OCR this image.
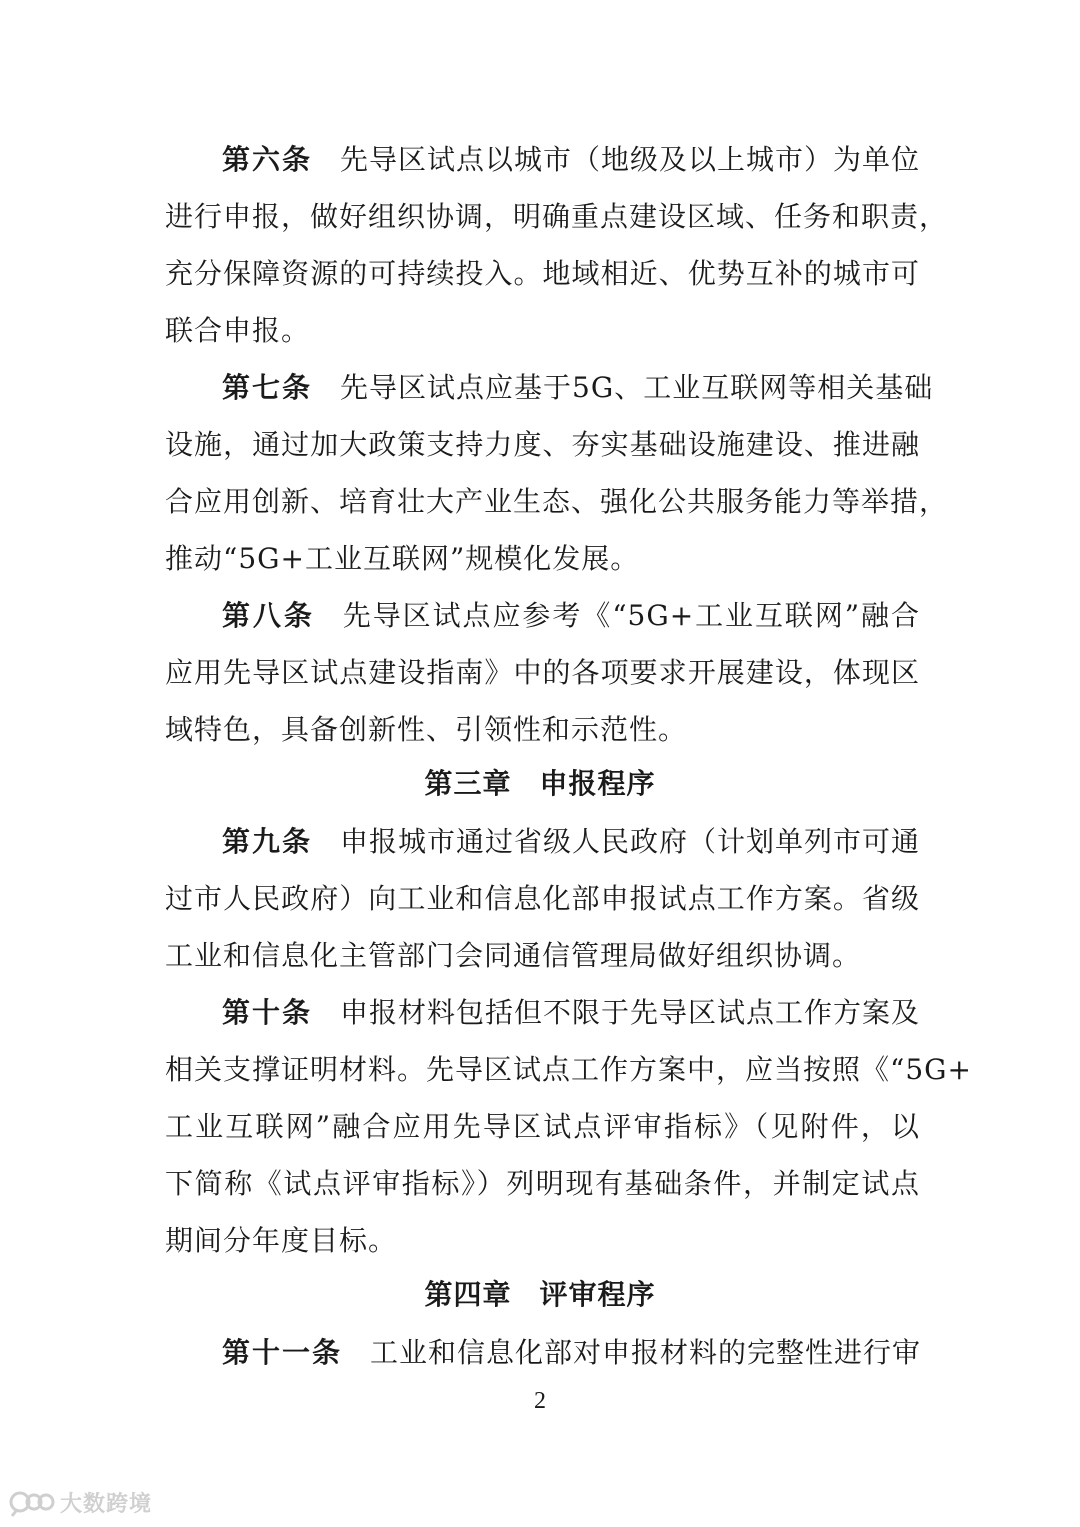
第六条 先导区试点以城市（地级及以上城市）为单位
进行申报，做好组织协调，明确重点建设区域、任务和职责，
充分保障资源的可持续投入。地域相近、优势互补的城市可
联合申报。
第七条 先导区试点应基于5G、工业互联网等相关基础
设施，通过加大政策支持力度、夯实基础设施建设、推进融
合应用创新、培育壮大产业生态、强化公共服务能力等举措，
推动“5G+工业互联网”规模化发展。
第八条 先导区试点应参考《“5G+工业互联网”融合
应用先导区试点建设指南》中的各项要求开展建设，体现区
域特色，具备创新性、引领性和示范性。
第三章 申报程序
第九条 申报城市通过省级人民政府（计划单列市可通
过市人民政府）向工业和信息化部申报试点工作方案。省级
工业和信息化主管部门会同通信管理局做好组织协调。
第十条 申报材料包括但不限于先导区试点工作方案及
相关支撑证明材料。先导区试点工作方案中，应当按照《“5G+
工业互联网”融合应用先导区试点评审指标》（见附件，以
下简称《试点评审指标》）列明现有基础条件，并制定试点
期间分年度目标。
第四章 评审程序
第十一条 工业和信息化部对申报材料的完整性进行审
2
大数跨境
